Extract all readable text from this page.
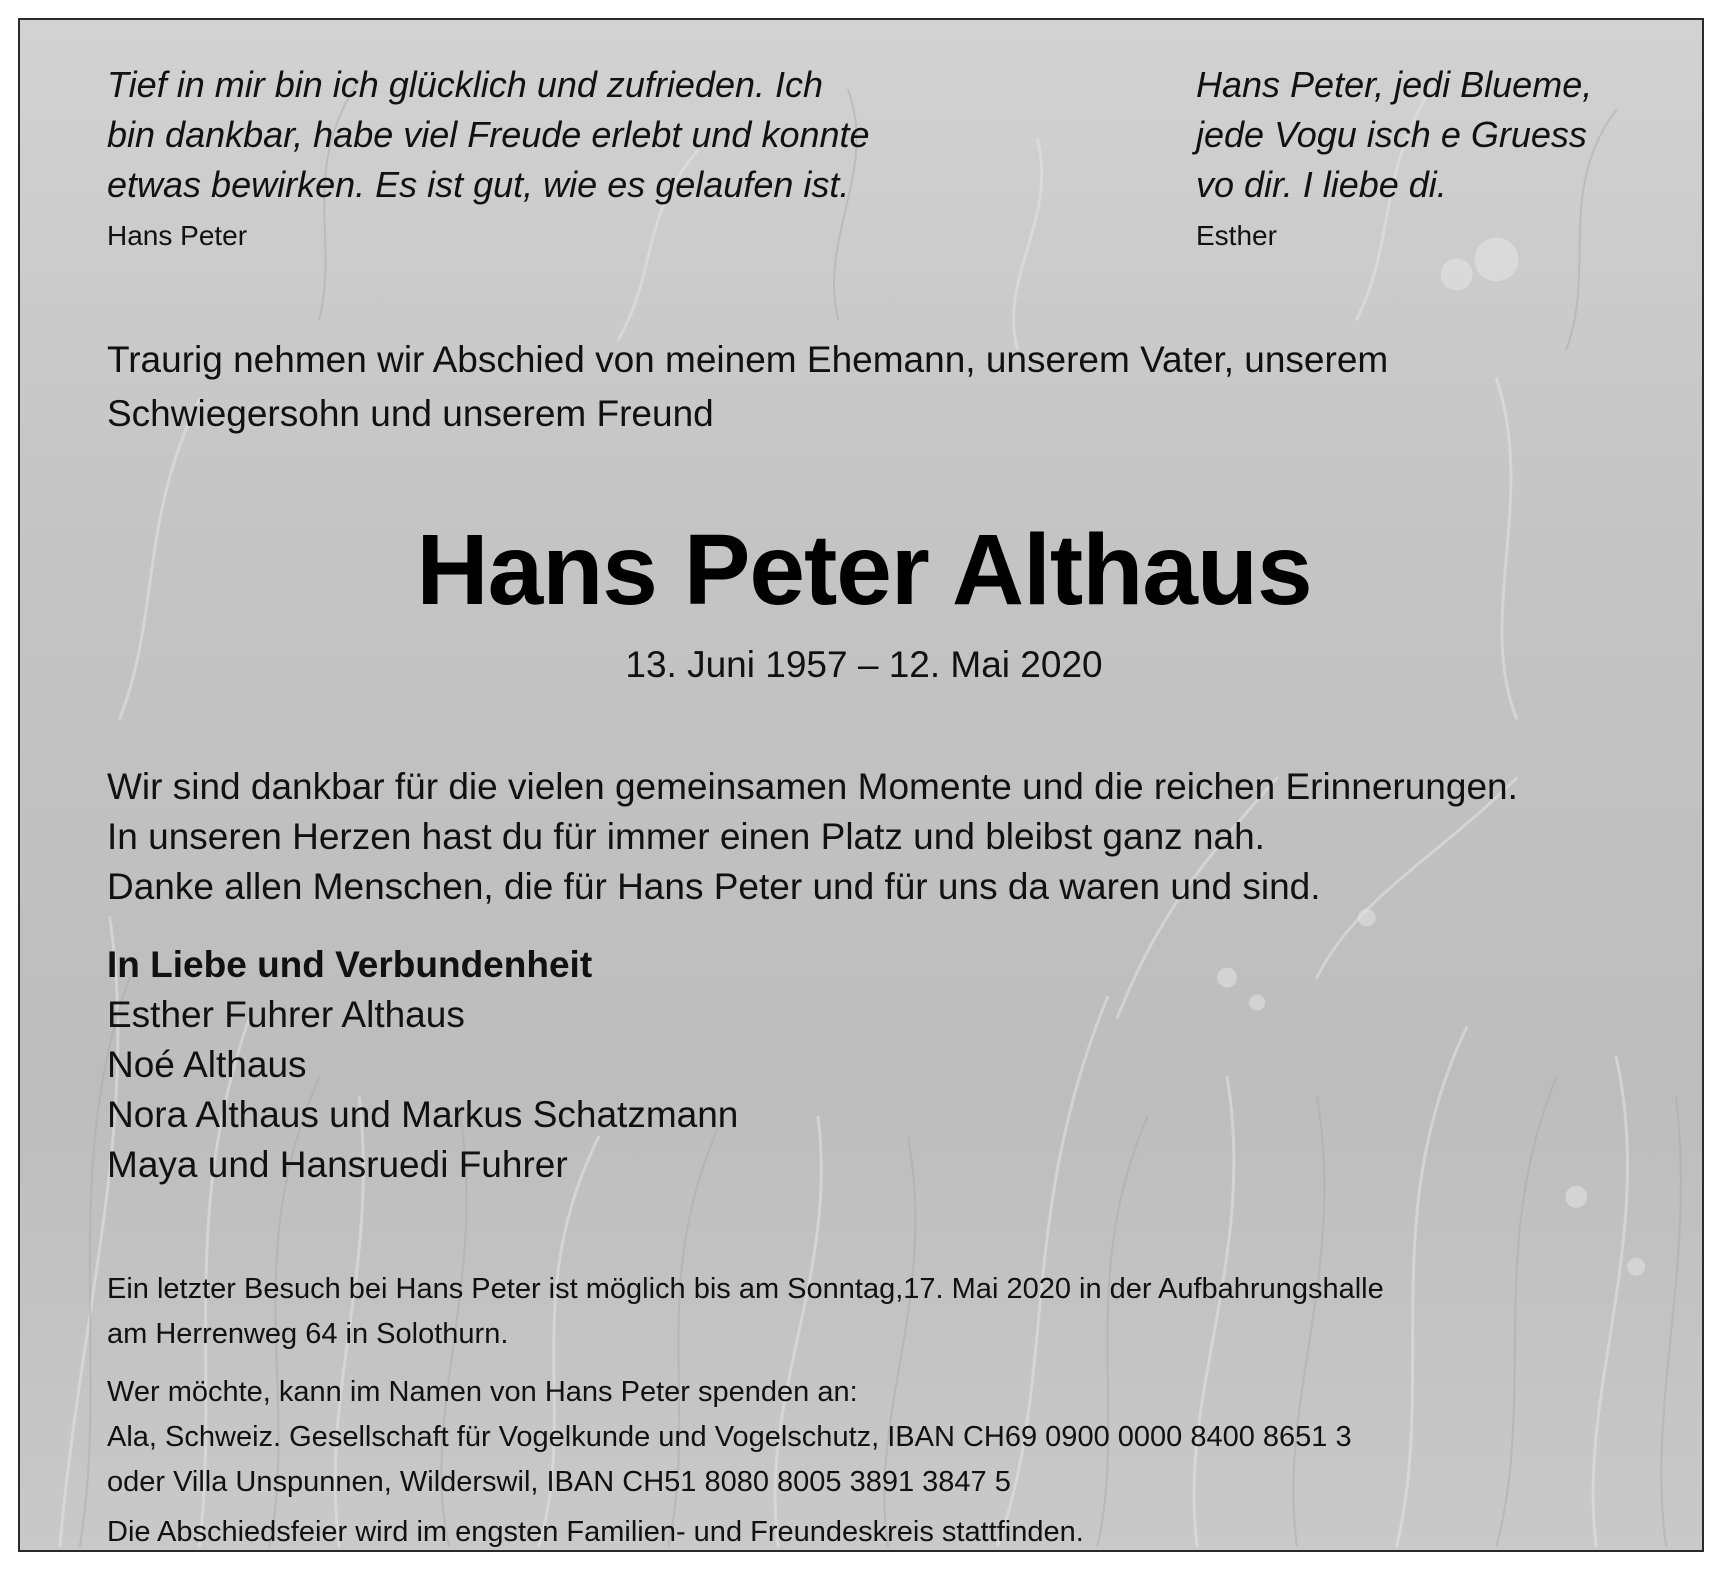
Tief in mir bin ich glücklich und zufrieden. Ich
bin dankbar, habe viel Freude erlebt und konnte
etwas bewirken. Es ist gut, wie es gelaufen ist.
Hans Peter
Hans Peter, jedi Blueme,
jede Vogu isch e Gruess
vo dir. I liebe di.
Esther
Traurig nehmen wir Abschied von meinem Ehemann, unserem Vater, unserem
Schwiegersohn und unserem Freund
Hans Peter Althaus
13. Juni 1957 – 12. Mai 2020
Wir sind dankbar für die vielen gemeinsamen Momente und die reichen Erinnerungen.
In unseren Herzen hast du für immer einen Platz und bleibst ganz nah.
Danke allen Menschen, die für Hans Peter und für uns da waren und sind.
In Liebe und Verbundenheit
Esther Fuhrer Althaus
Noé Althaus
Nora Althaus und Markus Schatzmann
Maya und Hansruedi Fuhrer
Ein letzter Besuch bei Hans Peter ist möglich bis am Sonntag,17. Mai 2020 in der Aufbahrungshalle
am Herrenweg 64 in Solothurn.
Wer möchte, kann im Namen von Hans Peter spenden an:
Ala, Schweiz. Gesellschaft für Vogelkunde und Vogelschutz, IBAN CH69 0900 0000 8400 8651 3
oder Villa Unspunnen, Wilderswil, IBAN CH51 8080 8005 3891 3847 5
Die Abschiedsfeier wird im engsten Familien- und Freundeskreis stattfinden.
